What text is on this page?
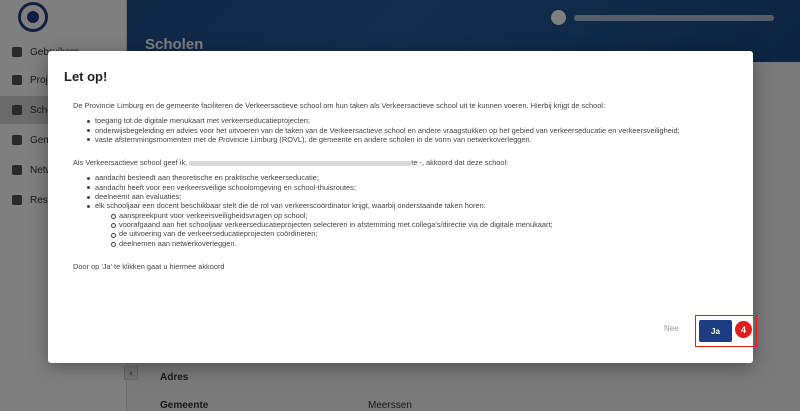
Let op!

De Provincie Limburg en de gemeente faciliteren de Verkeersactieve school om hun taken als Verkeersactieve school uit te kunnen voeren. Hierbij krijgt de school:

toegang tot de digitale menukaart met verkeerseducatieprojecten;
onderwijsbegeleiding en advies voor het uitvoeren van de taken van de Verkeersactieve school en andere vraagstukken op het gebied van verkeerseducatie en verkeersveiligheid;
vaste afstemmingsmomenten met de Provincie Limburg (ROVL), de gemeente en andere scholen in de vorm van netwerkoverleggen.

Als Verkeersactieve school geef ik,	te -, akkoord dat deze school:

aandacht besteedt aan theoretische en praktische verkeerseducatie;
aandacht heeft voor een verkeersveilige schoolomgeving en school-thuisroutes;
deelneemt aan evaluaties;
elk schooljaar een docent beschikbaar stelt die de rol van verkeerscoördinator krijgt, waarbij onderstaande taken horen:
aanspreekpunt voor verkeersveiligheidsvragen op school;
voorafgaand aan het schooljaar verkeerseducatieprojecten selecteren in afstemming met collega's/directie via de digitale menukaart;
de uitvoering van de verkeerseducatieprojecten coördineren;
deelnemen aan netwerkoverleggen.

Door op 'Ja' te klikken gaat u hiermee akkoord

Nee	Ja	4
